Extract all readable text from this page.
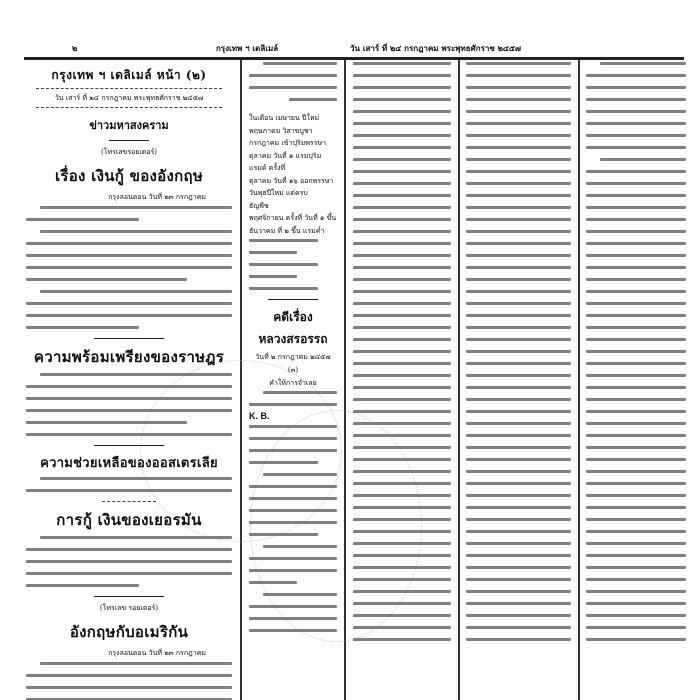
๒	กรุงเทพ ฯ เดลิเมล์	วัน เสาร์ ที่ ๒๔ กรกฎาคม พระพุทธศักราช ๒๔๕๗
กรุงเทพ ฯ เดลิเมล์ หน้า (๒)
วัน เสาร์ ที่ ๒๔ กรกฎาคม พระพุทธศักราช ๒๔๕๗
ข่าวมหาสงคราม
(โทรเลขรอยเตอร์)
เรื่อง เงินกู้ ของอังกฤษ
กรุงลอนดอน วันที่ ๒๓ กรกฎาคม
ความพร้อมเพรียงของราษฎร
ความช่วยเหลือของออสเตรเลีย
การกู้ เงินของเยอรมัน
(โทรเลข รอยเตอร์)
อังกฤษกับอเมริกัน
กรุงลอนดอน วันที่ ๒๓ กรกฎาคม
ในเดือน เมษายน ปีใหม่
พฤษภาคม วิสาขบูชา
กรกฎาคม เข้าปุริมพรรษา
ตุลาคม วันที่ ๑ แรมปุริม
แรมต์ ครั้งที่
ตุลาคม วันที่ ๑๖ ออกพรรษา
วันพุธปีใหม่ แต่ครบ
ธัญพืช
พฤศจิกายน ครั้งที่ วันที่ ๑ ขึ้น
ธันวาคม ที่ ๒ ขึ้น แรมค่ำ
คดีเรื่อง
หลวงสรอรรถ
วันที่ ๒ กรกฎาคม ๒๔๕๗
(๓)
คำให้การจำเลย
K. B.
